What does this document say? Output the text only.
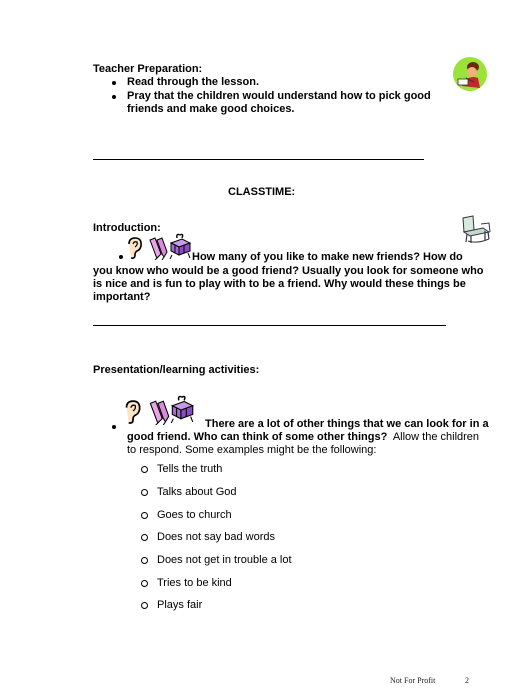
Teacher Preparation:
Read through the lesson.
Pray that the children would understand how to pick good
friends and make good choices.
CLASSTIME:
Introduction:
How many of you like to make new friends? How do
you know who would be a good friend? Usually you look for someone who
is nice and is fun to play with to be a friend. Why would these things be
important?
Presentation/learning activities:
There are a lot of other things that we can look for in a
good friend. Who can think of some other things?  Allow the children
to respond. Some examples might be the following:
Tells the truth
Talks about God
Goes to church
Does not say bad words
Does not get in trouble a lot
Tries to be kind
Plays fair
Not For Profit	2
